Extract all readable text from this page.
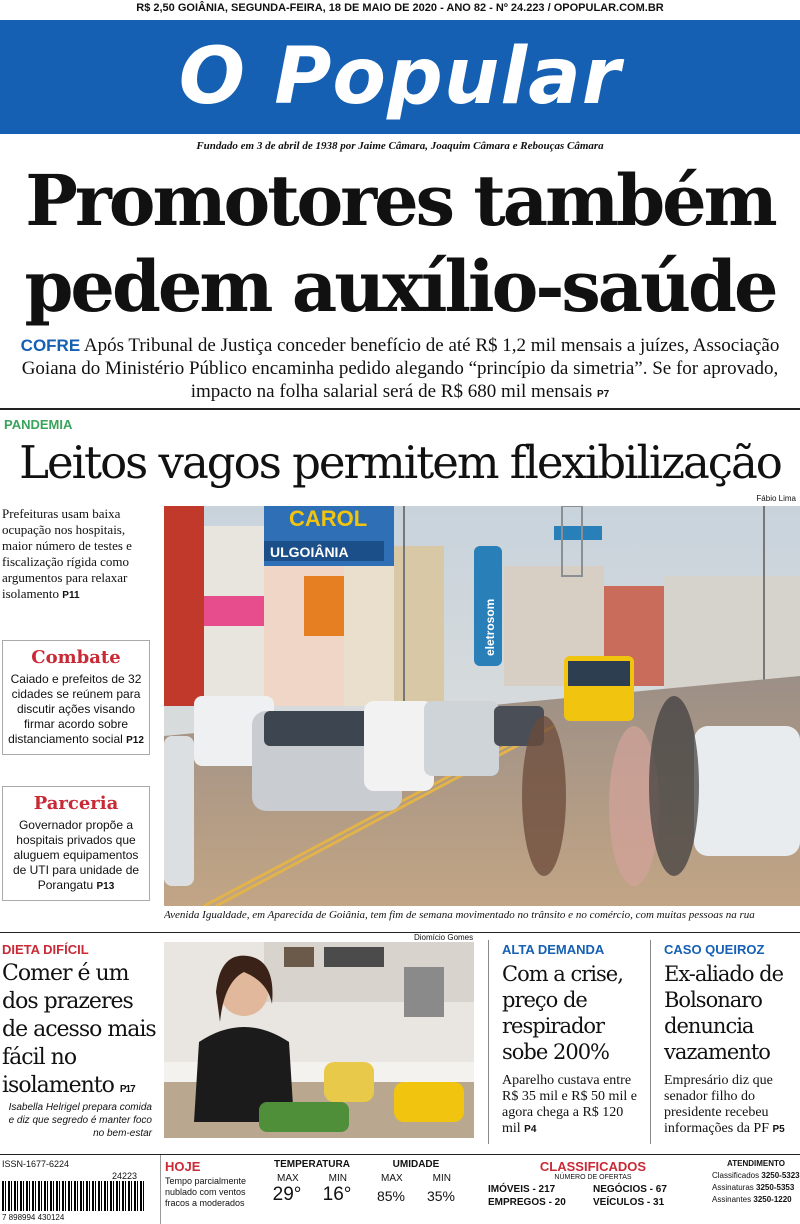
R$ 2,50 GOIÂNIA, SEGUNDA-FEIRA, 18 DE MAIO DE 2020 - ANO 82 - Nº 24.223 / OPOPULAR.COM.BR
O Popular
Fundado em 3 de abril de 1938 por Jaime Câmara, Joaquim Câmara e Rebouças Câmara
Promotores também pedem auxílio-saúde
COFRE Após Tribunal de Justiça conceder benefício de até R$ 1,2 mil mensais a juízes, Associação Goiana do Ministério Público encaminha pedido alegando “princípio da simetria”. Se for aprovado, impacto na folha salarial será de R$ 680 mil mensais P7
PANDEMIA
Leitos vagos permitem flexibilização
Prefeituras usam baixa ocupação nos hospitais, maior número de testes e fiscalização rígida como argumentos para relaxar isolamento P11
Combate
Caiado e prefeitos de 32 cidades se reúnem para discutir ações visando firmar acordo sobre distanciamento social P12
Parceria
Governador propõe a hospitais privados que aluguem equipamentos de UTI para unidade de Porangatu P13
Fábio Lima
CAROL
ULGOIÂNIA
eletrosom
Avenida Igualdade, em Aparecida de Goiânia, tem fim de semana movimentado no trânsito e no comércio, com muitas pessoas na rua
DIETA DIFÍCIL
Comer é um dos prazeres de acesso mais fácil no isolamento P17
Isabella Helrigel prepara comida e diz que segredo é manter foco no bem-estar
Diomício Gomes
ALTA DEMANDA
Com a crise, preço de respirador sobe 200%
Aparelho custava entre R$ 35 mil e R$ 50 mil e agora chega a R$ 120 mil P4
CASO QUEIROZ
Ex-aliado de Bolsonaro denuncia vazamento
Empresário diz que senador filho do presidente recebeu informações da PF P5
ISSN-1677-6224
24223
7 898994 430124
HOJE
Tempo parcialmente nublado com ventos fracos a moderados
TEMPERATURA
MAX	MIN
29° 16°
UMIDADE
MAX	MIN
85% 35%
CLASSIFICADOS
NÚMERO DE OFERTAS
IMÓVEIS - 217	NEGÓCIOS - 67
EMPREGOS - 20	VEÍCULOS - 31
ATENDIMENTO
Classificados 3250-5323
Assinaturas 3250-5353
Assinantes 3250-1220
